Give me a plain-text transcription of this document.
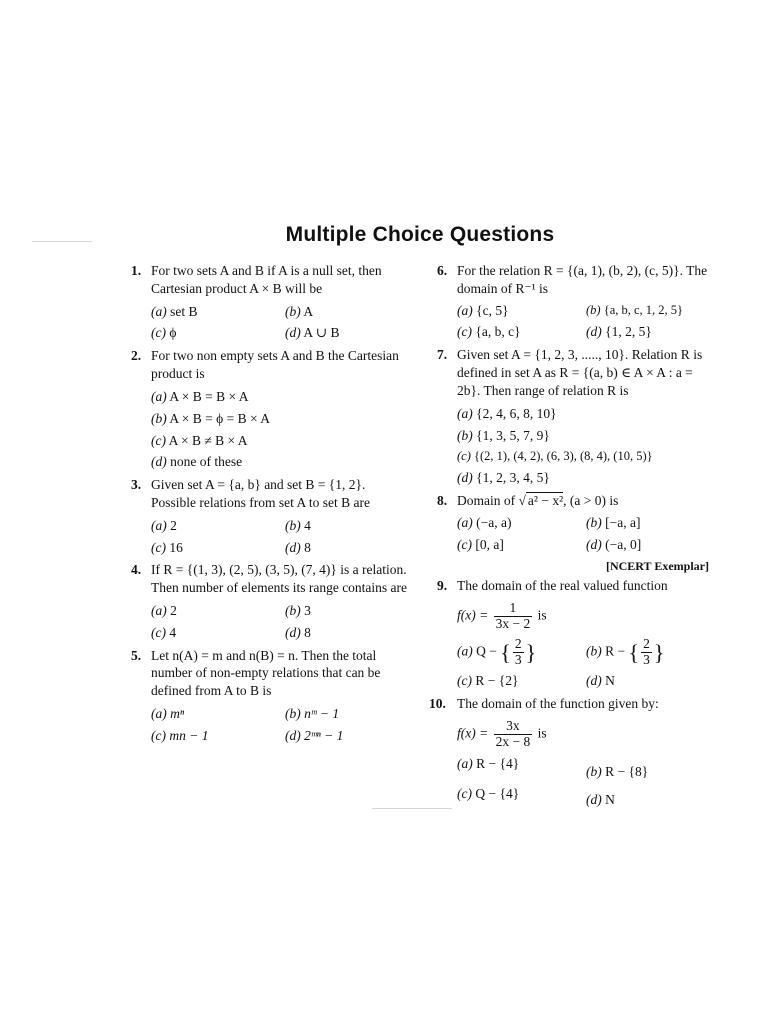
Multiple Choice Questions
1. For two sets A and B if A is a null set, then Cartesian product A × B will be
(a) set B	(b) A
(c) ϕ	(d) A ∪ B
2. For two non empty sets A and B the Cartesian product is
(a) A × B = B × A
(b) A × B = ϕ = B × A
(c) A × B ≠ B × A
(d) none of these
3. Given set A = {a, b} and set B = {1, 2}. Possible relations from set A to set B are
(a) 2	(b) 4
(c) 16	(d) 8
4. If R = {(1, 3), (2, 5), (3, 5), (7, 4)} is a relation. Then number of elements its range contains are
(a) 2	(b) 3
(c) 4	(d) 8
5. Let n(A) = m and n(B) = n. Then the total number of non-empty relations that can be defined from A to B is
(a) mⁿ	(b) nᵐ − 1
(c) mn − 1	(d) 2ᵐⁿ − 1
6. For the relation R = {(a, 1), (b, 2), (c, 5)}. The domain of R⁻¹ is
(a) {c, 5}	(b) {a, b, c, 1, 2, 5}
(c) {a, b, c}	(d) {1, 2, 5}
7. Given set A = {1, 2, 3, ....., 10}. Relation R is defined in set A as R = {(a, b) ∈ A × A : a = 2b}. Then range of relation R is
(a) {2, 4, 6, 8, 10}
(b) {1, 3, 5, 7, 9}
(c) {(2, 1), (4, 2), (6, 3), (8, 4), (10, 5)}
(d) {1, 2, 3, 4, 5}
8. Domain of √ a² − x², (a > 0) is
(a) (−a, a)	(b) [−a, a]
(c) [0, a]	(d) (−a, 0]
[NCERT Exemplar]
9. The domain of the real valued function
$f(x) = \frac{1}{3x - 2}$ is
(a) Q − { $\frac{2}{3}$ }	(b) R − { $\frac{2}{3}$ }
(c) R − {2}	(d) N
10. The domain of the function given by:
$f(x) = \frac{3x}{2x - 8}$ is
(a) R − {4}
(b) R − {8}
(c) Q − {4}	(d) N
